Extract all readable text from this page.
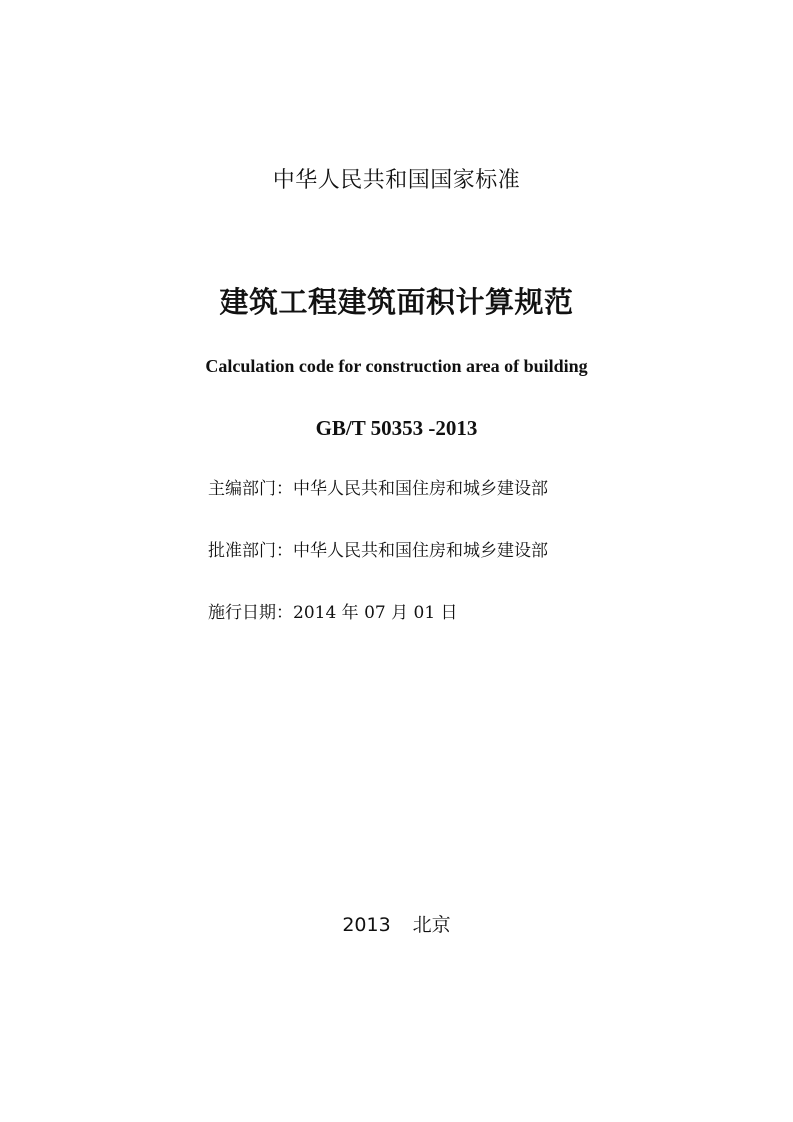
中华人民共和国国家标准
建筑工程建筑面积计算规范
Calculation code for construction area of building
GB/T 50353 -2013
主编部门：中华人民共和国住房和城乡建设部
批准部门：中华人民共和国住房和城乡建设部
施行日期：2014 年 07 月 01 日
2013 北京
